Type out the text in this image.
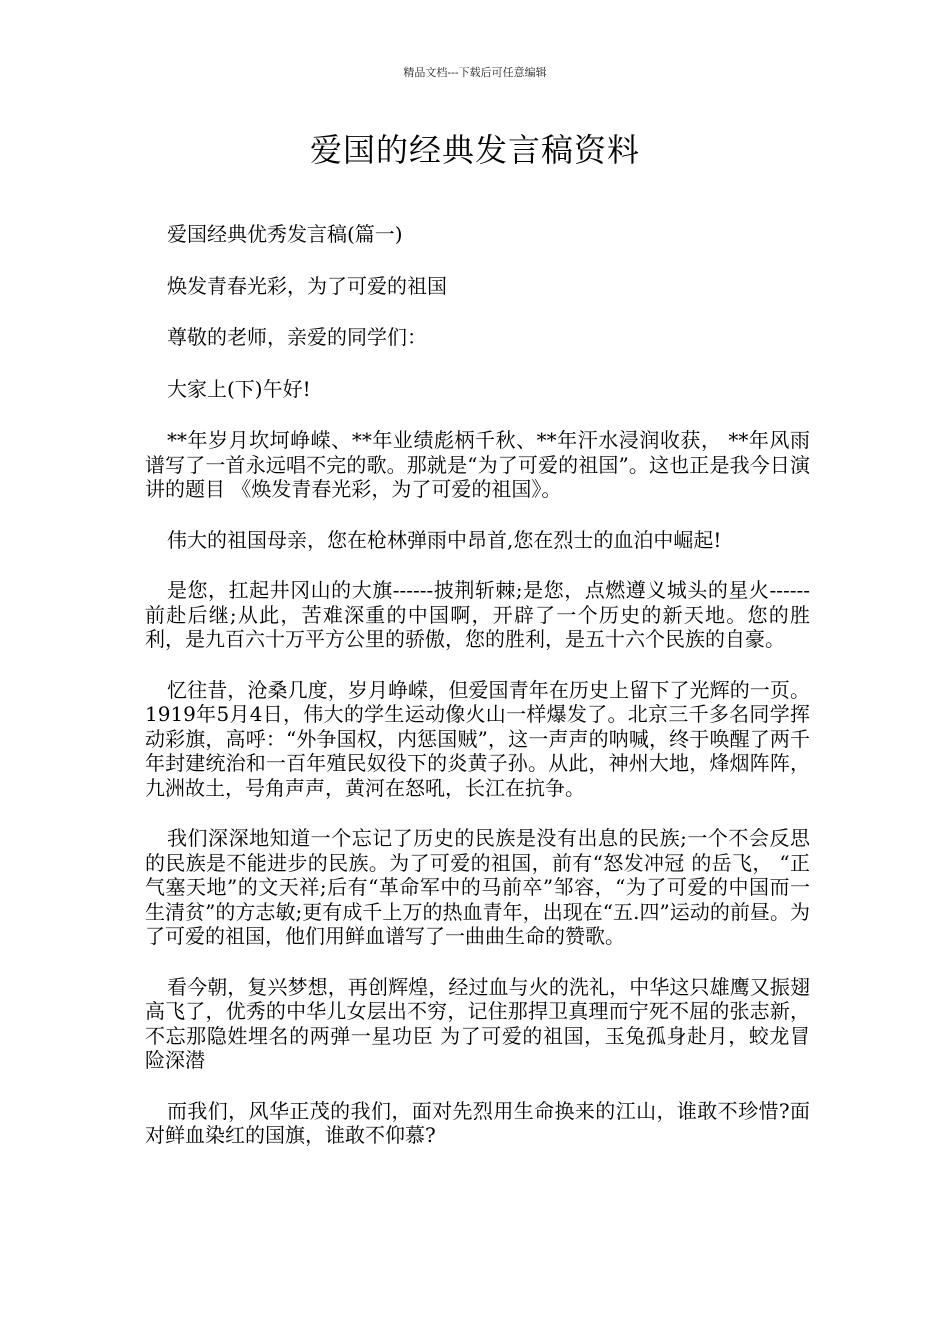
精品文档---下载后可任意编辑
爱国的经典发言稿资料

爱国经典优秀发言稿(篇一)

焕发青春光彩，为了可爱的祖国

尊敬的老师，亲爱的同学们：

大家上(下)午好!

**年岁月坎坷峥嵘、**年业绩彪柄千秋、**年汗水浸润收获， **年风雨谱写了一首永远唱不完的歌。那就是“为了可爱的祖国”。这也正是我今日演讲的题目 《焕发青春光彩，为了可爱的祖国》。

伟大的祖国母亲，您在枪林弹雨中昂首,您在烈士的血泊中崛起!

是您，扛起井冈山的大旗------披荆斩棘;是您，点燃遵义城头的星火------前赴后继;从此，苦难深重的中国啊，开辟了一个历史的新天地。您的胜利，是九百六十万平方公里的骄傲，您的胜利，是五十六个民族的自豪。

忆往昔，沧桑几度，岁月峥嵘，但爱国青年在历史上留下了光辉的一页。1919年5月4日，伟大的学生运动像火山一样爆发了。北京三千多名同学挥动彩旗，高呼：“外争国权，内惩国贼”，这一声声的呐喊，终于唤醒了两千年封建统治和一百年殖民奴役下的炎黄子孙。从此，神州大地，烽烟阵阵，九洲故土，号角声声，黄河在怒吼，长江在抗争。

我们深深地知道一个忘记了历史的民族是没有出息的民族;一个不会反思的民族是不能进步的民族。为了可爱的祖国，前有“怒发冲冠 的岳飞， “正气塞天地”的文天祥;后有“革命军中的马前卒”邹容，“为了可爱的中国而一生清贫”的方志敏;更有成千上万的热血青年，出现在“五.四”运动的前昼。为了可爱的祖国，他们用鲜血谱写了一曲曲生命的赞歌。

看今朝，复兴梦想，再创辉煌，经过血与火的洗礼，中华这只雄鹰又振翅高飞了，优秀的中华儿女层出不穷，记住那捍卫真理而宁死不屈的张志新，不忘那隐姓埋名的两弹一星功臣 为了可爱的祖国，玉兔孤身赴月，蛟龙冒险深潜

而我们，风华正茂的我们，面对先烈用生命换来的江山，谁敢不珍惜?面对鲜血染红的国旗，谁敢不仰慕?
